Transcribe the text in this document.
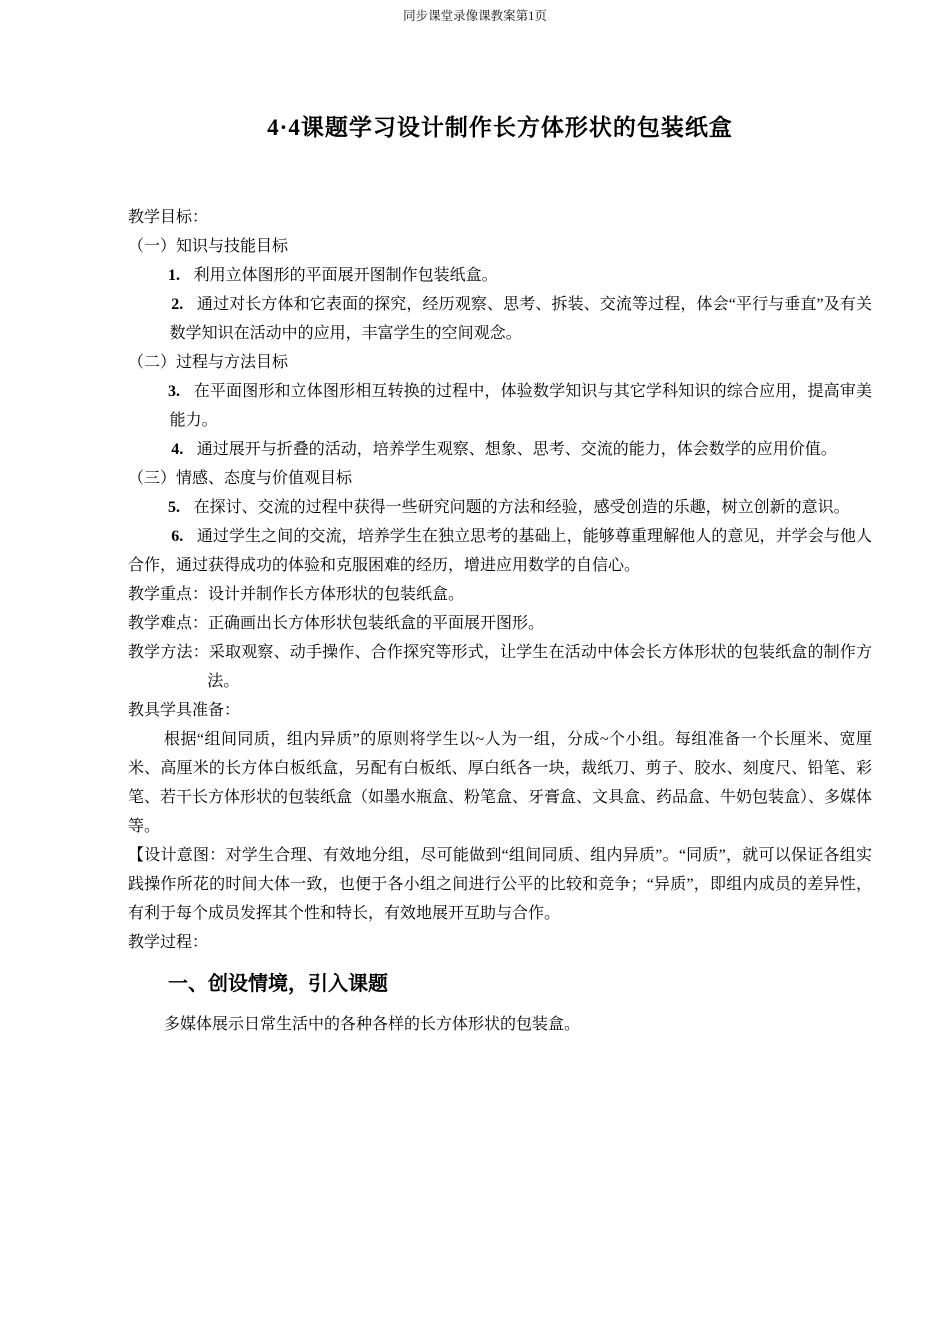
同步课堂录像课教案第1页
4·4课题学习设计制作长方体形状的包装纸盒
教学目标：
（一）知识与技能目标
1. 利用立体图形的平面展开图制作包装纸盒。
2. 通过对长方体和它表面的探究，经历观察、思考、拆装、交流等过程，体会“平行与垂直”及有关数学知识在活动中的应用，丰富学生的空间观念。
（二）过程与方法目标
3. 在平面图形和立体图形相互转换的过程中，体验数学知识与其它学科知识的综合应用，提高审美能力。
4. 通过展开与折叠的活动，培养学生观察、想象、思考、交流的能力，体会数学的应用价值。
（三）情感、态度与价值观目标
5. 在探讨、交流的过程中获得一些研究问题的方法和经验，感受创造的乐趣，树立创新的意识。
6. 通过学生之间的交流，培养学生在独立思考的基础上，能够尊重理解他人的意见，并学会与他人合作，通过获得成功的体验和克服困难的经历，增进应用数学的自信心。
教学重点：设计并制作长方体形状的包装纸盒。
教学难点：正确画出长方体形状包装纸盒的平面展开图形。
教学方法：采取观察、动手操作、合作探究等形式，让学生在活动中体会长方体形状的包装纸盒的制作方法。
教具学具准备：
根据“组间同质，组内异质”的原则将学生以~人为一组，分成~个小组。每组准备一个长厘米、宽厘米、高厘米的长方体白板纸盒，另配有白板纸、厚白纸各一块，裁纸刀、剪子、胶水、刻度尺、铅笔、彩笔、若干长方体形状的包装纸盒（如墨水瓶盒、粉笔盒、牙膏盒、文具盒、药品盒、牛奶包装盒）、多媒体等。
【设计意图：对学生合理、有效地分组，尽可能做到“组间同质、组内异质”。“同质”，就可以保证各组实践操作所花的时间大体一致，也便于各小组之间进行公平的比较和竞争；“异质”，即组内成员的差异性，有利于每个成员发挥其个性和特长，有效地展开互助与合作。
教学过程：
一、创设情境，引入课题
多媒体展示日常生活中的各种各样的长方体形状的包装盒。
